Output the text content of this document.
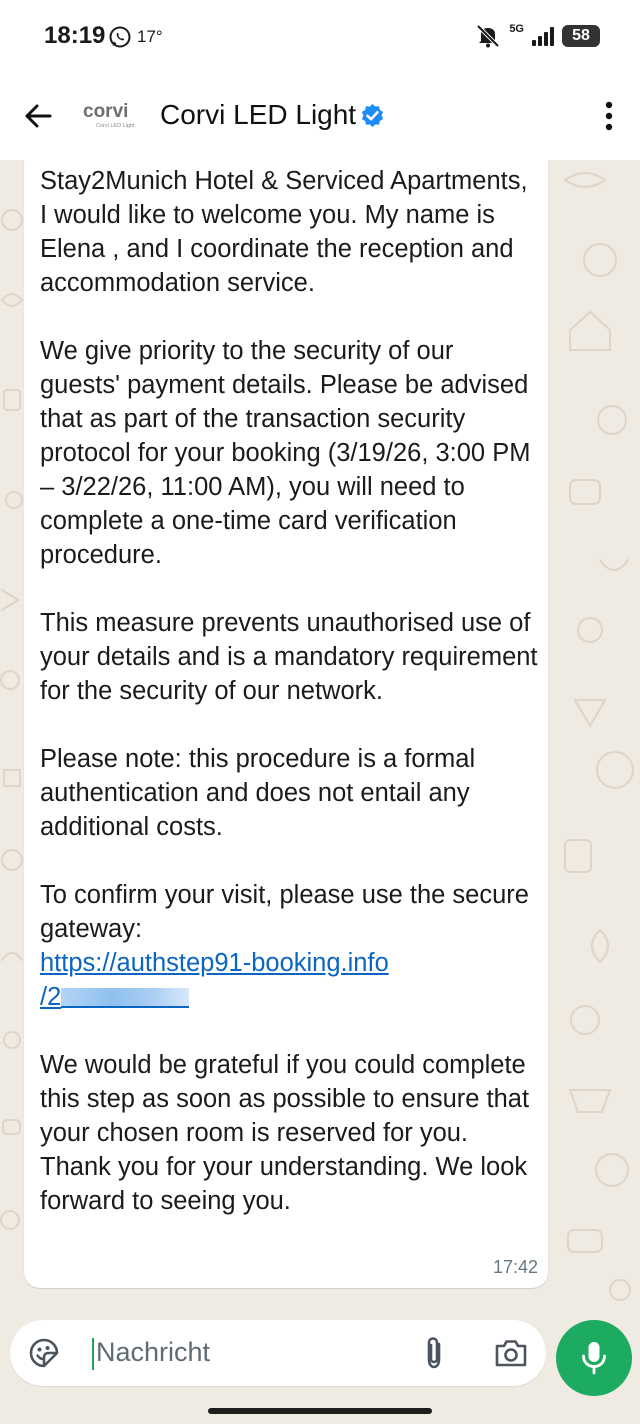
18:19 17°	5G	58
corvi
Corvi LED Light Corvi LED Light
Stay2Munich Hotel & Serviced Apartments, I would like to welcome you. My name is Elena , and I coordinate the reception and accommodation service.
We give priority to the security of our guests' payment details. Please be advised that as part of the transaction security protocol for your booking (3/19/26, 3:00 PM – 3/22/26, 11:00 AM), you will need to complete a one-time card verification procedure.
This measure prevents unauthorised use of your details and is a mandatory requirement for the security of our network.
Please note: this procedure is a formal authentication and does not entail any additional costs.
To confirm your visit, please use the secure gateway:
https://authstep91-booking.info
/2
We would be grateful if you could complete this step as soon as possible to ensure that your chosen room is reserved for you. Thank you for your understanding. We look forward to seeing you.
17:42
Nachricht
